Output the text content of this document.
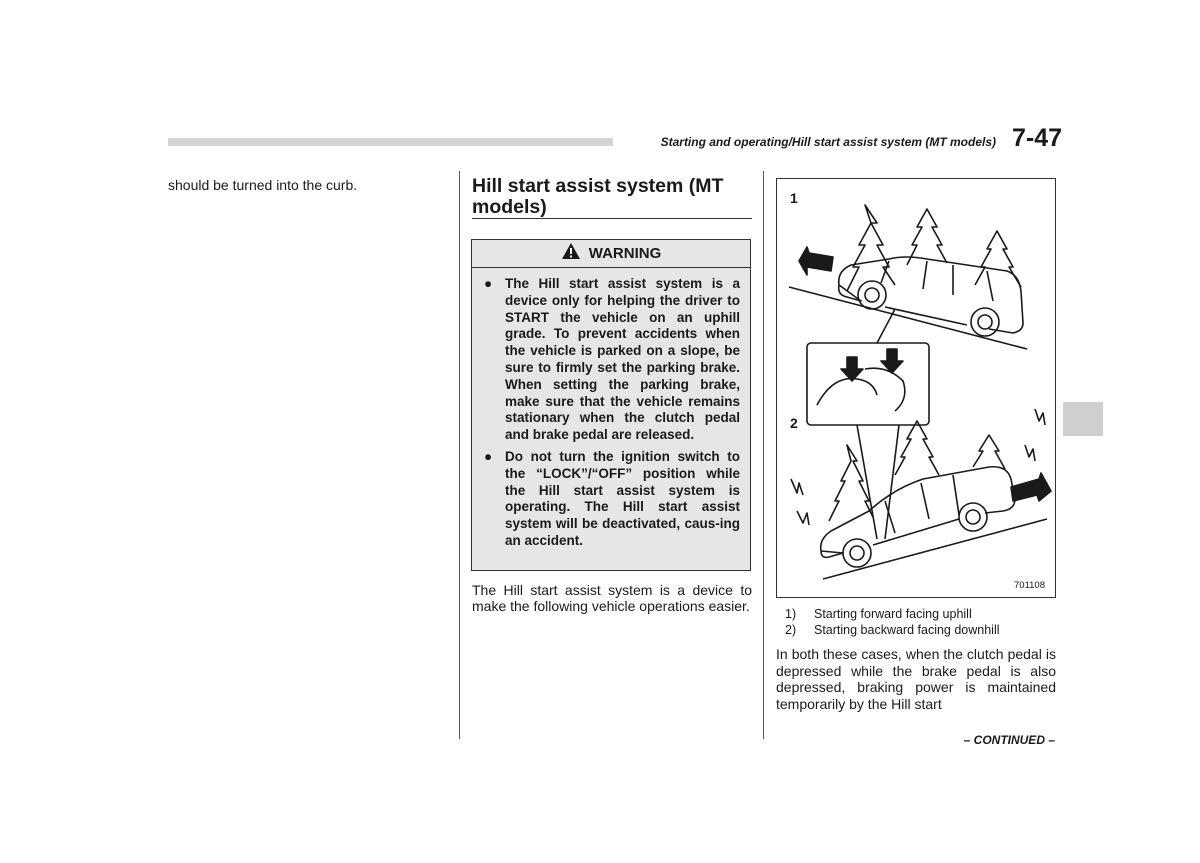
Starting and operating/Hill start assist system (MT models) 7-47
should be turned into the curb.	Hill start assist system (MT models)
WARNING
● The Hill start assist system is a device only for helping the driver to START the vehicle on an uphill grade. To prevent accidents when the vehicle is parked on a slope, be sure to firmly set the parking brake. When setting the parking brake, make sure that the vehicle remains stationary when the clutch pedal and brake pedal are released.
● Do not turn the ignition switch to the “LOCK”/“OFF” position while the Hill start assist system is operating. The Hill start assist system will be deactivated, caus-ing an accident.
The Hill start assist system is a device to make the following vehicle operations easier.
1
2
701108
1)	Starting forward facing uphill
2)	Starting backward facing downhill
In both these cases, when the clutch pedal is depressed while the brake pedal is also depressed, braking power is maintained temporarily by the Hill start
– CONTINUED –
